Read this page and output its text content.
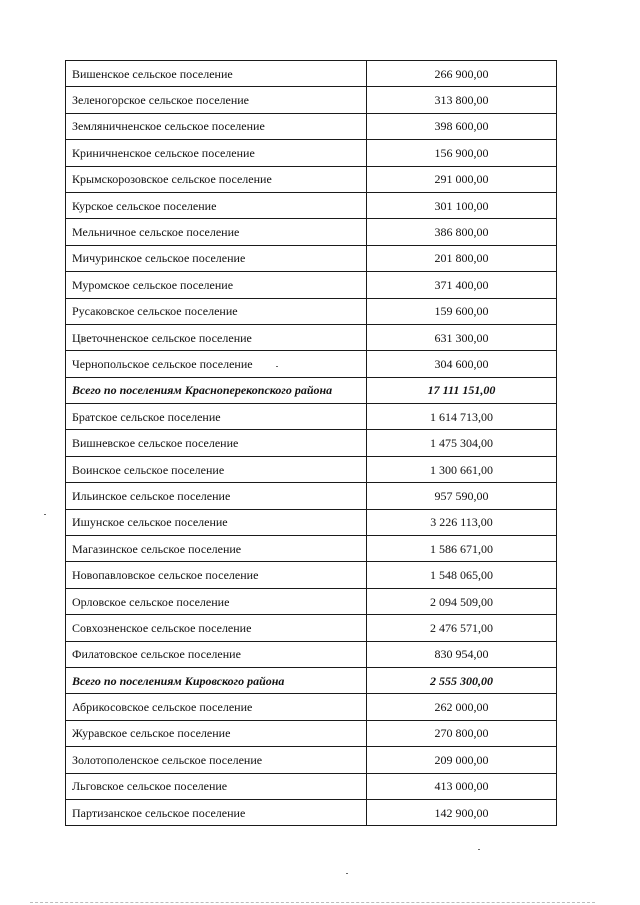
Вишенское сельское поселение	266 900,00
Зеленогорское сельское поселение	313 800,00
Земляничненское сельское поселение	398 600,00
Криничненское сельское поселение	156 900,00
Крымскорозовское сельское поселение	291 000,00
Курское сельское поселение	301 100,00
Мельничное сельское поселение	386 800,00
Мичуринское сельское поселение	201 800,00
Муромское сельское поселение	371 400,00
Русаковское сельское поселение	159 600,00
Цветочненское сельское поселение	631 300,00
Чернопольское сельское поселение	304 600,00
Всего по поселениям Красноперекопского района	17 111 151,00
Братское сельское поселение	1 614 713,00
Вишневское сельское поселение	1 475 304,00
Воинское сельское поселение	1 300 661,00
Ильинское сельское поселение	957 590,00
Ишунское сельское поселение	3 226 113,00
Магазинское сельское поселение	1 586 671,00
Новопавловское сельское поселение	1 548 065,00
Орловское сельское поселение	2 094 509,00
Совхозненское сельское поселение	2 476 571,00
Филатовское сельское поселение	830 954,00
Всего по поселениям Кировского района	2 555 300,00
Абрикосовское сельское поселение	262 000,00
Журавское сельское поселение	270 800,00
Золотополенское сельское поселение	209 000,00
Льговское сельское поселение	413 000,00
Партизанское сельское поселение	142 900,00
